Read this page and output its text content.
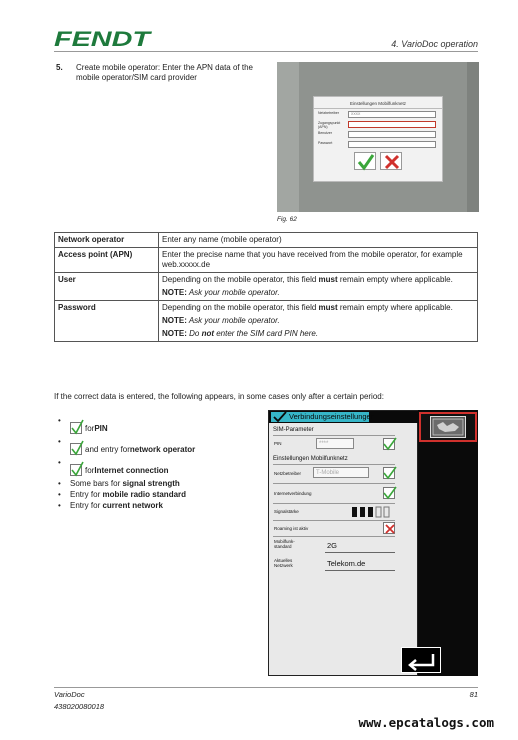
FENDT	4. VarioDoc operation
5. Create mobile operator: Enter the APN data of the mobile operator/SIM card provider
Einstellungen Mobilfunknetz
Netzbetreiber	XXXX
Zugangspunkt (APN)
Benutzer
Passwort
Fig. 62
Network operator	Enter any name (mobile operator)
Access point (APN)	Enter the precise name that you have received from the mobile operator, for example web.xxxxx.de
User	Depending on the mobile operator, this field must remain empty where applicable.

NOTE: Ask your mobile operator.

Password	Depending on the mobile operator, this field must remain empty where applicable.

NOTE: Ask your mobile operator.

NOTE: Do not enter the SIM card PIN here.

If the correct data is entered, the following appears, in some cases only after a certain period:
• for PIN
• and entry for network operator
• for Internet connection
• Some bars for signal strength
• Entry for mobile radio standard
• Entry for current network
Verbindungseinstellungen
SIM-Parameter
PIN	****
Einstellungen Mobilfunknetz
Netzbetreiber	T-Mobile
Internetverbindung
Signalstärke
Roaming ist aktiv
Mobilfunk-standard	2G
Aktuelles Netzwerk	Telekom.de
VarioDoc
438020080018
81
www.epcatalogs.com
